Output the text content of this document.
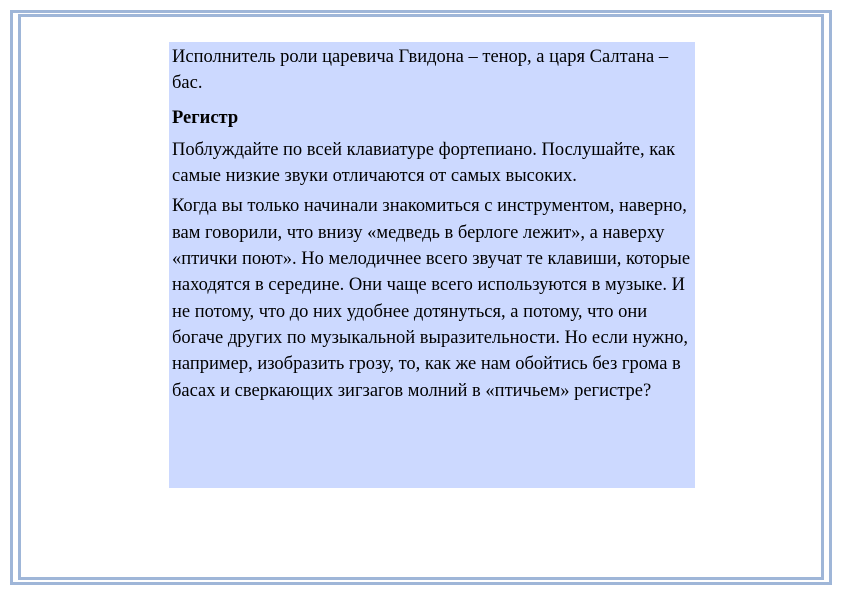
Исполнитель роли царевича Гвидона – тенор, а царя Салтана – бас.

Регистр

Поблуждайте по всей клавиатуре фортепиано. Послушайте, как самые низкие звуки отличаются от самых высоких.

Когда вы только начинали знакомиться с инструментом, наверно, вам говорили, что внизу «медведь в берлоге лежит», а наверху «птички поют». Но мелодичнее всего звучат те клавиши, которые находятся в середине. Они чаще всего используются в музыке. И не потому, что до них удобнее дотянуться, а потому, что они богаче других по музыкальной выразительности. Но если нужно, например, изобразить грозу, то, как же нам обойтись без грома в басах и сверкающих зигзагов молний в «птичьем» регистре?
